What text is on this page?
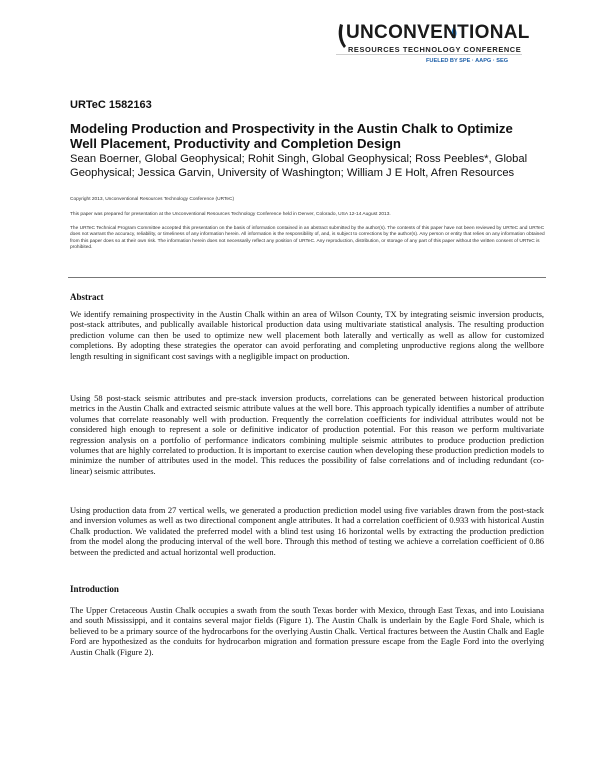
UNCONVENTIONAL
RESOURCES TECHNOLOGY CONFERENCE
FUELED BY SPE · AAPG · SEG
URTeC 1582163
Modeling Production and Prospectivity in the Austin Chalk to Optimize Well Placement, Productivity and Completion Design

Sean Boerner, Global Geophysical; Rohit Singh, Global Geophysical; Ross Peebles*, Global Geophysical; Jessica Garvin, University of Washington; William J E Holt, Afren Resources

Copyright 2013, Unconventional Resources Technology Conference (URTeC)

This paper was prepared for presentation at the Unconventional Resources Technology Conference held in Denver, Colorado, USA 12-14 August 2013.

The URTeC Technical Program Committee accepted this presentation on the basis of information contained in an abstract submitted by the author(s). The contents of this paper have not been reviewed by URTeC and URTeC does not warrant the accuracy, reliability, or timeliness of any information herein. All information is the responsibility of, and, is subject to corrections by the author(s). Any person or entity that relies on any information obtained from this paper does so at their own risk. The information herein does not necessarily reflect any position of URTeC. Any reproduction, distribution, or storage of any part of this paper without the written consent of URTeC is prohibited.

Abstract

We identify remaining prospectivity in the Austin Chalk within an area of Wilson County, TX by integrating seismic inversion products, post-stack attributes, and publically available historical production data using multivariate statistical analysis. The resulting production prediction volume can then be used to optimize new well placement both laterally and vertically as well as allow for customized completions. By adopting these strategies the operator can avoid perforating and completing unproductive regions along the wellbore length resulting in significant cost savings with a negligible impact on production.

Using 58 post-stack seismic attributes and pre-stack inversion products, correlations can be generated between historical production metrics in the Austin Chalk and extracted seismic attribute values at the well bore. This approach typically identifies a number of attribute volumes that correlate reasonably well with production. Frequently the correlation coefficients for individual attributes would not be considered high enough to represent a sole or definitive indicator of production potential. For this reason we perform multivariate regression analysis on a portfolio of performance indicators combining multiple seismic attributes to produce production prediction volumes that are highly correlated to production. It is important to exercise caution when developing these production prediction models to minimize the number of attributes used in the model. This reduces the possibility of false correlations and of including redundant (co-linear) seismic attributes.

Using production data from 27 vertical wells, we generated a production prediction model using five variables drawn from the post-stack and inversion volumes as well as two directional component angle attributes. It had a correlation coefficient of 0.933 with historical Austin Chalk production. We validated the preferred model with a blind test using 16 horizontal wells by extracting the production prediction from the model along the producing interval of the well bore. Through this method of testing we achieve a correlation coefficient of 0.86 between the predicted and actual horizontal well production.

Introduction

The Upper Cretaceous Austin Chalk occupies a swath from the south Texas border with Mexico, through East Texas, and into Louisiana and south Mississippi, and it contains several major fields (Figure 1). The Austin Chalk is underlain by the Eagle Ford Shale, which is believed to be a primary source of the hydrocarbons for the overlying Austin Chalk. Vertical fractures between the Austin Chalk and Eagle Ford are hypothesized as the conduits for hydrocarbon migration and formation pressure escape from the Eagle Ford into the overlying Austin Chalk (Figure 2).
